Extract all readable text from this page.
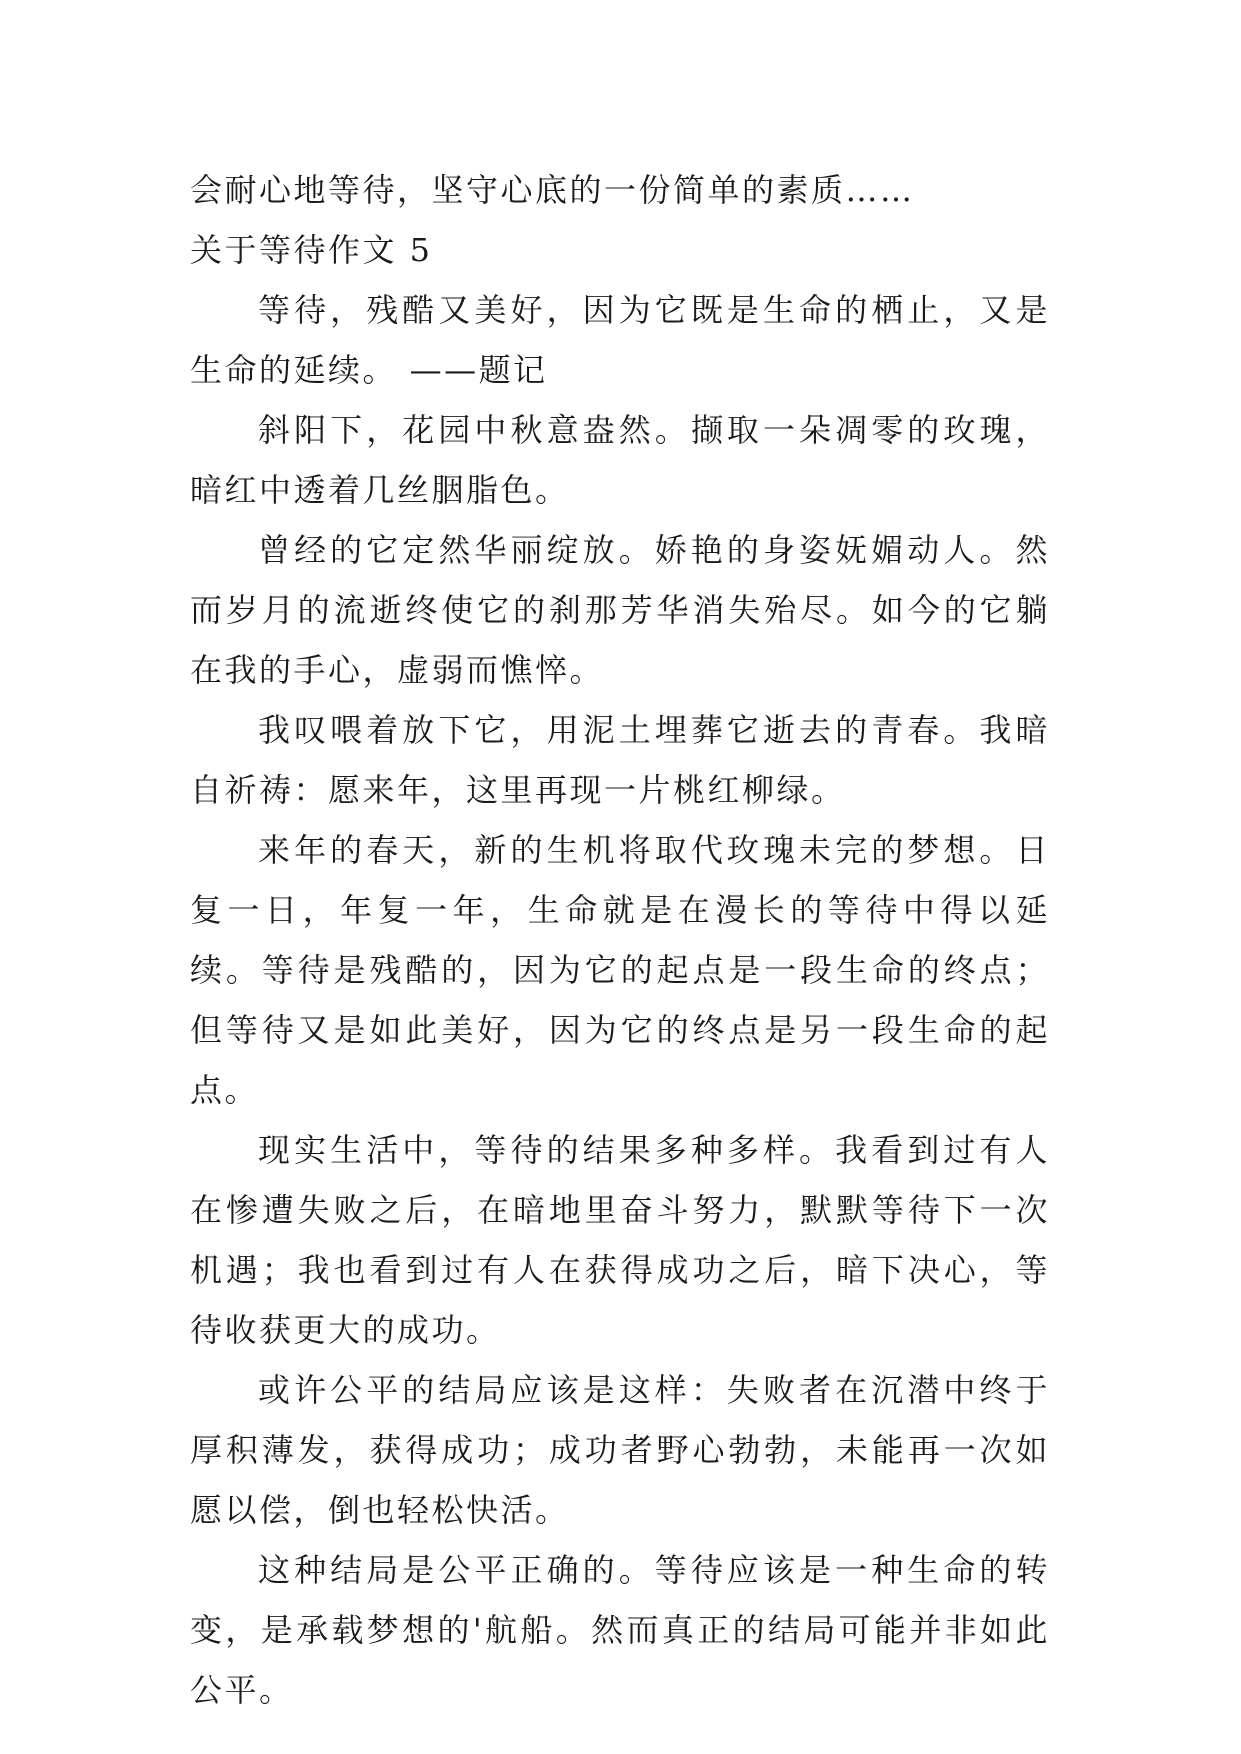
会耐心地等待，坚守心底的一份简单的素质……

关于等待作文 5

等待，残酷又美好，因为它既是生命的栖止，又是生命的延续。 ——题记

斜阳下，花园中秋意盎然。撷取一朵凋零的玫瑰，暗红中透着几丝胭脂色。

曾经的它定然华丽绽放。娇艳的身姿妩媚动人。然而岁月的流逝终使它的刹那芳华消失殆尽。如今的它躺在我的手心，虚弱而憔悴。

我叹喂着放下它，用泥土埋葬它逝去的青春。我暗自祈祷：愿来年，这里再现一片桃红柳绿。

来年的春天，新的生机将取代玫瑰未完的梦想。日复一日，年复一年，生命就是在漫长的等待中得以延续。等待是残酷的，因为它的起点是一段生命的终点；但等待又是如此美好，因为它的终点是另一段生命的起点。

现实生活中，等待的结果多种多样。我看到过有人在惨遭失败之后，在暗地里奋斗努力，默默等待下一次机遇；我也看到过有人在获得成功之后，暗下决心，等待收获更大的成功。

或许公平的结局应该是这样：失败者在沉潜中终于厚积薄发，获得成功；成功者野心勃勃，未能再一次如愿以偿，倒也轻松快活。

这种结局是公平正确的。等待应该是一种生命的转变，是承载梦想的'航船。然而真正的结局可能并非如此公平。
